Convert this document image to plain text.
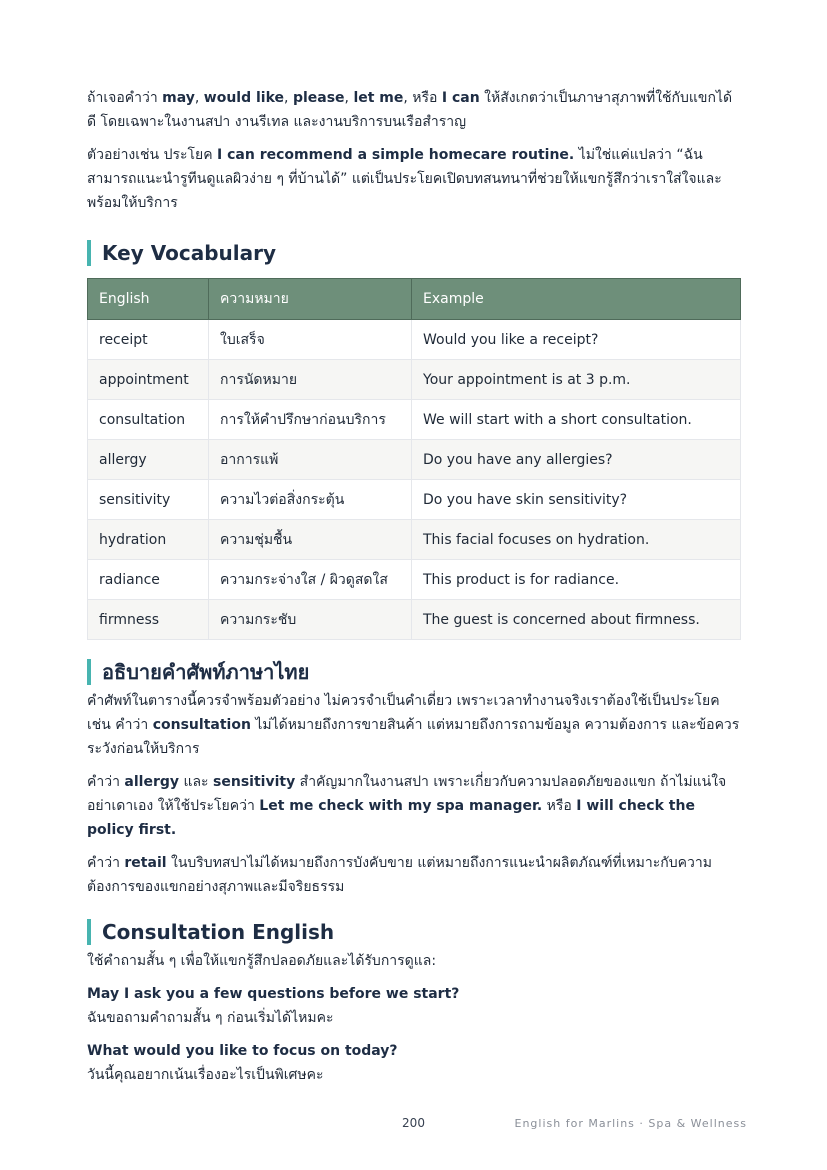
ถ้าเจอคำว่า may, would like, please, let me, หรือ I can ให้สังเกตว่าเป็นภาษาสุภาพที่ใช้กับแขกได้ดี โดยเฉพาะในงานสปา งานรีเทล และงานบริการบนเรือสำราญ

ตัวอย่างเช่น ประโยค I can recommend a simple homecare routine. ไม่ใช่แค่แปลว่า “ฉันสามารถแนะนำรูทีนดูแลผิวง่าย ๆ ที่บ้านได้” แต่เป็นประโยคเปิดบทสนทนาที่ช่วยให้แขกรู้สึกว่าเราใส่ใจและพร้อมให้บริการ

Key Vocabulary
English	ความหมาย	Example
receipt	ใบเสร็จ	Would you like a receipt?
appointment	การนัดหมาย	Your appointment is at 3 p.m.
consultation	การให้คำปรึกษาก่อนบริการ	We will start with a short consultation.
allergy	อาการแพ้	Do you have any allergies?
sensitivity	ความไวต่อสิ่งกระตุ้น	Do you have skin sensitivity?
hydration	ความชุ่มชื้น	This facial focuses on hydration.
radiance	ความกระจ่างใส / ผิวดูสดใส	This product is for radiance.
firmness	ความกระชับ	The guest is concerned about firmness.
อธิบายคำศัพท์ภาษาไทย

คำศัพท์ในตารางนี้ควรจำพร้อมตัวอย่าง ไม่ควรจำเป็นคำเดี่ยว เพราะเวลาทำงานจริงเราต้องใช้เป็นประโยค เช่น คำว่า consultation ไม่ได้หมายถึงการขายสินค้า แต่หมายถึงการถามข้อมูล ความต้องการ และข้อควรระวังก่อนให้บริการ

คำว่า allergy และ sensitivity สำคัญมากในงานสปา เพราะเกี่ยวกับความปลอดภัยของแขก ถ้าไม่แน่ใจ อย่าเดาเอง ให้ใช้ประโยคว่า Let me check with my spa manager. หรือ I will check the policy first.

คำว่า retail ในบริบทสปาไม่ได้หมายถึงการบังคับขาย แต่หมายถึงการแนะนำผลิตภัณฑ์ที่เหมาะกับความต้องการของแขกอย่างสุภาพและมีจริยธรรม

Consultation English

ใช้คำถามสั้น ๆ เพื่อให้แขกรู้สึกปลอดภัยและได้รับการดูแล:

May I ask you a few questions before we start?

ฉันขอถามคำถามสั้น ๆ ก่อนเริ่มได้ไหมคะ

What would you like to focus on today?

วันนี้คุณอยากเน้นเรื่องอะไรเป็นพิเศษคะ

200	English for Marlins · Spa & Wellness
